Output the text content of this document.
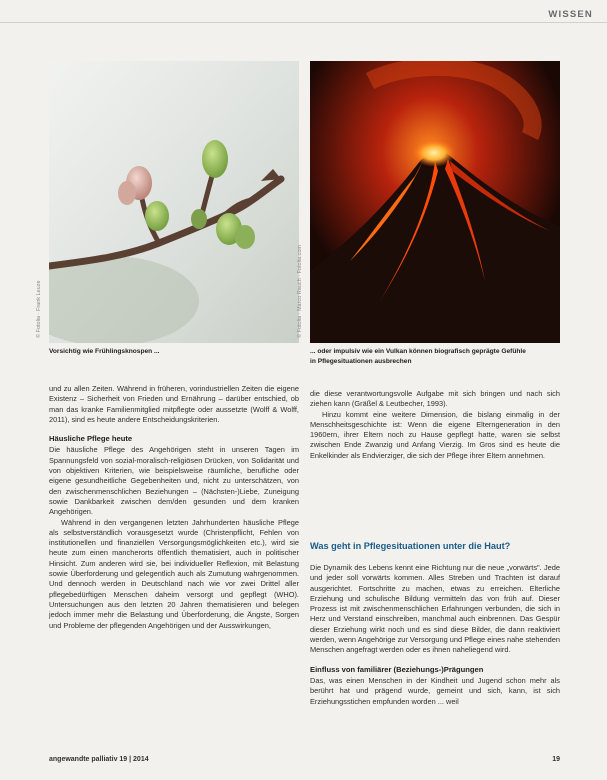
WISSEN
© Fotolia · Frank Leuze	© Fotolia · Marco Rauch · Fotolia.com
Vorsichtig wie Frühlingsknospen ...	... oder impulsiv wie ein Vulkan können biografisch geprägte Gefühle
in Pflegesituationen ausbrechen

und zu allen Zeiten. Während in früheren, vorindustriellen Zeiten die eigene Existenz – Sicherheit von Frieden und Ernährung – darüber entschied, ob man das kranke Familienmitglied mitpflegte oder aussetzte (Wolff & Wolff, 2011), sind es heute andere Entscheidungskriterien.

Häusliche Pflege heute

Die häusliche Pflege des Angehörigen steht in unseren Tagen im Spannungsfeld von sozial-moralisch-religiösen Drücken, von Solidarität und von objektiven Kriterien, wie beispielsweise räumliche, berufliche oder eigene gesundheitliche Gegebenheiten und, nicht zu unterschätzen, von den zwischenmenschlichen Beziehungen – (Nächsten-)Liebe, Zuneigung sowie Dankbarkeit zwischen dem/den gesunden und dem kranken Angehörigen.

Während in den vergangenen letzten Jahrhunderten häusliche Pflege als selbstverständlich vorausgesetzt wurde (Christenpflicht, Fehlen von institutionellen und finanziellen Versorgungsmöglichkeiten etc.), wird sie heute zum einen mancherorts öffentlich thematisiert, auch in politischer Hinsicht. Zum anderen wird sie, bei individueller Reflexion, mit Belastung sowie Überforderung und gelegentlich auch als Zumutung wahrgenommen. Und dennoch werden in Deutschland nach wie vor zwei Drittel aller pflegebedürftigen Menschen daheim versorgt und gepflegt (WHO). Untersuchungen aus den letzten 20 Jahren thematisieren und belegen jedoch immer mehr die Belastung und Überforderung, die Ängste, Sorgen und Probleme der pflegenden Angehörigen und der Ausswirkungen,

die diese verantwortungsvolle Aufgabe mit sich bringen und nach sich ziehen kann (Gräßel & Leutbecher, 1993).

Hinzu kommt eine weitere Dimension, die bislang einmalig in der Menschheitsgeschichte ist: Wenn die eigene Elterngeneration in den 1960ern, ihrer Eltern noch zu Hause gepflegt hatte, waren sie selbst zwischen Ende Zwanzig und Anfang Vierzig. Im Gros sind es heute die Enkelkinder als Endvierziger, die sich der Pflege ihrer Eltern annehmen.

Was geht in Pflegesituationen unter die Haut?

Die Dynamik des Lebens kennt eine Richtung nur die neue „vorwärts". Jede und jeder soll vorwärts kommen. Alles Streben und Trachten ist darauf ausgerichtet. Fortschritte zu machen, etwas zu erreichen. Elterliche Erziehung und schulische Bildung vermitteln das von früh auf. Dieser Prozess ist mit zwischenmenschlichen Erfahrungen verbunden, die sich in Herz und Verstand einschreiben, manchmal auch einbrennen. Das Gespür dieser Erziehung wirkt noch und es sind diese Bilder, die dann reaktiviert werden, wenn Angehörige zur Versorgung und Pflege eines nahe stehenden Menschen angefragt werden oder es ihnen naheliegend wird.

Einfluss von familiärer (Beziehungs-)Prägungen

Das, was einen Menschen in der Kindheit und Jugend schon mehr als berührt hat und prägend wurde, gemeint und sich, kann, ist sich Erziehungsstichen empfunden worden ... weil

angewandte palliativ 19 | 2014	19
